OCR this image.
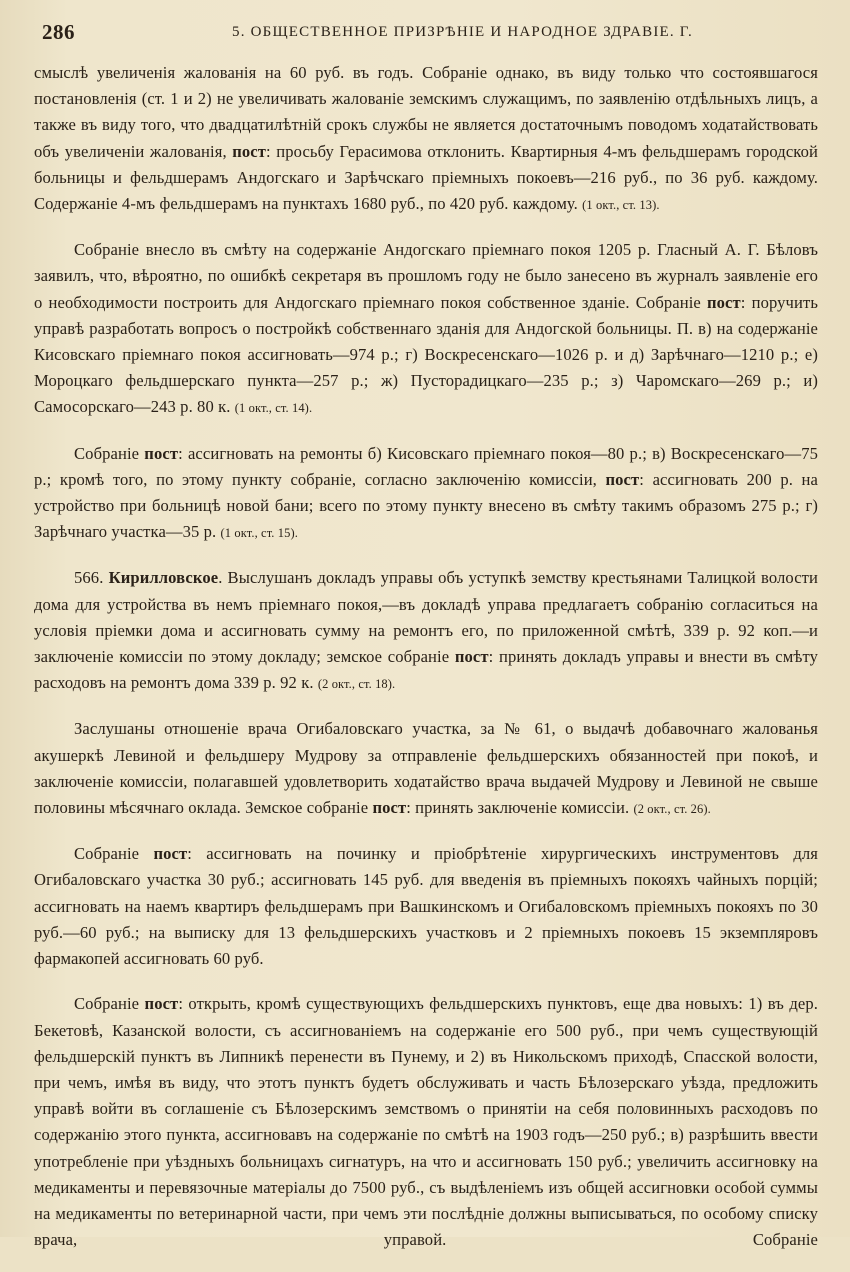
286	5. ОБЩЕСТВЕННОЕ ПРИЗРѢНІЕ И НАРОДНОЕ ЗДРАВІЕ. Г.

смыслѣ увеличенія жалованія на 60 руб. въ годъ. Собраніе однако, въ виду только что состоявшагося постановленія (ст. 1 и 2) не увеличивать жалованіе земскимъ служащимъ, по заявленію отдѣльныхъ лицъ, а также въ виду того, что двадцатилѣтній срокъ службы не является достаточнымъ поводомъ ходатайствовать объ увеличеніи жалованія, пост: просьбу Герасимова отклонить. Квартирныя 4-мъ фельдшерамъ городской больницы и фельдшерамъ Андогскаго и Зарѣчскаго пріемныхъ покоевъ—216 руб., по 36 руб. каждому. Содержаніе 4-мъ фельдшерамъ на пунктахъ 1680 руб., по 420 руб. каждому. (1 окт., ст. 13).

Собраніе внесло въ смѣту на содержаніе Андогскаго пріемнаго покоя 1205 р. Гласный А. Г. Бѣловъ заявилъ, что, вѣроятно, по ошибкѣ секретаря въ прошломъ году не было занесено въ журналъ заявленіе его о необходимости построить для Андогскаго пріемнаго покоя собственное зданіе. Собраніе пост: поручить управѣ разработать вопросъ о постройкѣ собственнаго зданія для Андогской больницы. П. в) на содержаніе Кисовскаго пріемнаго покоя ассигновать—974 р.; г) Воскресенскаго—1026 р. и д) Зарѣчнаго—1210 р.; е) Мороцкаго фельдшерскаго пункта—257 р.; ж) Пусторадицкаго—235 р.; з) Чаромскаго—269 р.; и) Самосорскаго—243 р. 80 к. (1 окт., ст. 14).

Собраніе пост: ассигновать на ремонты б) Кисовскаго пріемнаго покоя—80 р.; в) Воскресенскаго—75 р.; кромѣ того, по этому пункту собраніе, согласно заключенію комиссіи, пост: ассигновать 200 р. на устройство при больницѣ новой бани; всего по этому пункту внесено въ смѣту такимъ образомъ 275 р.; г) Зарѣчнаго участка—35 р. (1 окт., ст. 15).

566. Кирилловское. Выслушанъ докладъ управы объ уступкѣ земству крестьянами Талицкой волости дома для устройства въ немъ пріемнаго покоя,—въ докладѣ управа предлагаетъ собранію согласиться на условія пріемки дома и ассигновать сумму на ремонтъ его, по приложенной смѣтѣ, 339 р. 92 коп.—и заключеніе комиссіи по этому докладу; земское собраніе пост: принять докладъ управы и внести въ смѣту расходовъ на ремонтъ дома 339 р. 92 к. (2 окт., ст. 18).

Заслушаны отношеніе врача Огибаловскаго участка, за № 61, о выдачѣ добавочнаго жалованья акушеркѣ Левиной и фельдшеру Мудрову за отправленіе фельдшерскихъ обязанностей при покоѣ, и заключеніе комиссіи, полагавшей удовлетворить ходатайство врача выдачей Мудрову и Левиной не свыше половины мѣсячнаго оклада. Земское собраніе пост: принять заключеніе комиссіи. (2 окт., ст. 26).

Собраніе пост: ассигновать на починку и пріобрѣтеніе хирургическихъ инструментовъ для Огибаловскаго участка 30 руб.; ассигновать 145 руб. для введенія въ пріемныхъ покояхъ чайныхъ порцій; ассигновать на наемъ квартиръ фельдшерамъ при Вашкинскомъ и Огибаловскомъ пріемныхъ покояхъ по 30 руб.—60 руб.; на выписку для 13 фельдшерскихъ участковъ и 2 пріемныхъ покоевъ 15 экземпляровъ фармакопей ассигновать 60 руб.

Собраніе пост: открыть, кромѣ существующихъ фельдшерскихъ пунктовъ, еще два новыхъ: 1) въ дер. Бекетовѣ, Казанской волости, съ ассигнованіемъ на содержаніе его 500 руб., при чемъ существующій фельдшерскій пунктъ въ Липникѣ перенести въ Пунему, и 2) въ Никольскомъ приходѣ, Спасской волости, при чемъ, имѣя въ виду, что этотъ пунктъ будетъ обслуживать и часть Бѣлозерскаго уѣзда, предложить управѣ войти въ соглашеніе съ Бѣлозерскимъ земствомъ о принятіи на себя половинныхъ расходовъ по содержанію этого пункта, ассигновавъ на содержаніе по смѣтѣ на 1903 годъ—250 руб.; в) разрѣшить ввести употребленіе при уѣздныхъ больницахъ сигнатуръ, на что и ассигновать 150 руб.; увеличить ассигновку на медикаменты и перевязочные матеріалы до 7500 руб., съ выдѣленіемъ изъ общей ассигновки особой суммы на медикаменты по ветеринарной части, при чемъ эти послѣдніе должны выписываться, по особому списку врача, управой. Собраніе
